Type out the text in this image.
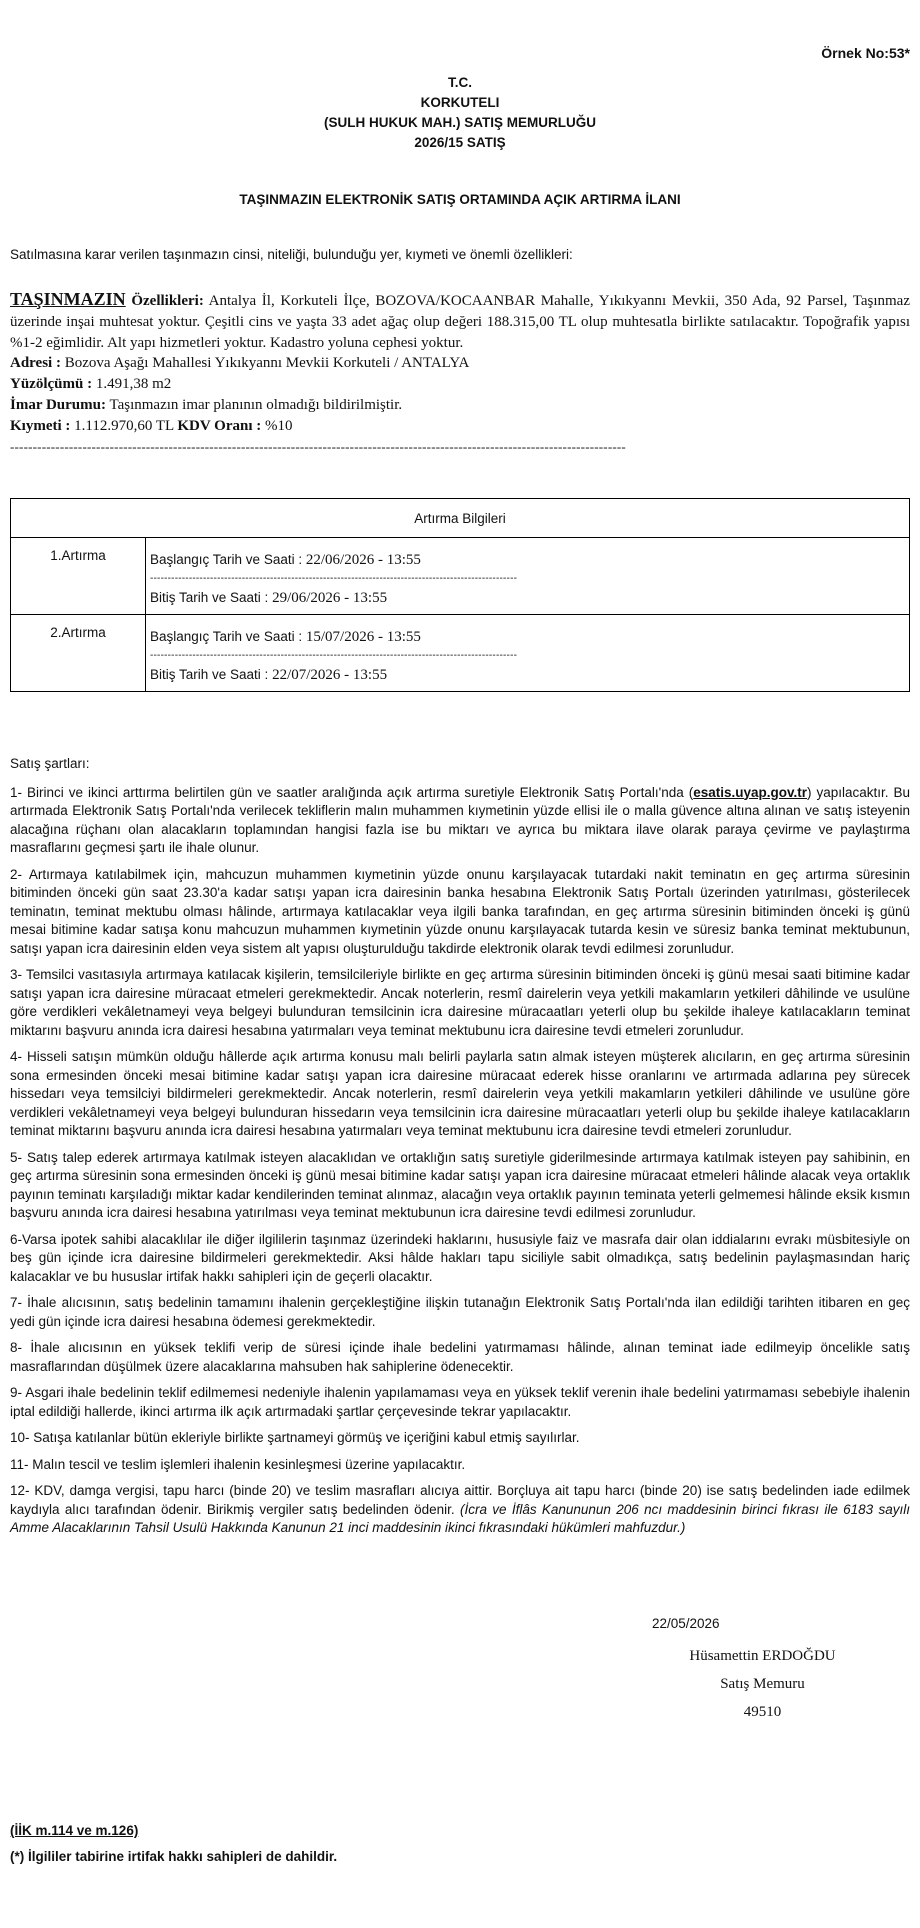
Örnek No:53*
T.C.
KORKUTELI
(SULH HUKUK MAH.) SATIŞ MEMURLUĞU
2026/15 SATIŞ
TAŞINMAZIN ELEKTRONİK SATIŞ ORTAMINDA AÇIK ARTIRMA İLANI
Satılmasına karar verilen taşınmazın cinsi, niteliği, bulunduğu yer, kıymeti ve önemli özellikleri:
TAŞINMAZIN Özellikleri: Antalya İl, Korkuteli İlçe, BOZOVA/KOCAANBAR Mahalle, Yıkıkyannı Mevkii, 350 Ada, 92 Parsel, Taşınmaz üzerinde inşai muhtesat yoktur. Çeşitli cins ve yaşta 33 adet ağaç olup değeri 188.315,00 TL olup muhtesatla birlikte satılacaktır. Topoğrafik yapısı %1-2 eğimlidir. Alt yapı hizmetleri yoktur. Kadastro yoluna cephesi yoktur.
Adresi : Bozova Aşağı Mahallesi Yıkıkyannı Mevkii Korkuteli / ANTALYA
Yüzölçümü : 1.491,38 m2
İmar Durumu: Taşınmazın imar planının olmadığı bildirilmiştir.
Kıymeti : 1.112.970,60 TL KDV Oranı : %10
----------------------------------------------------------------------------------------------------------------------------------------
Artırma Bilgileri	
1.Artırma	Başlangıç Tarih ve Saati : 22/06/2026 - 13:55
--------------------------------------------------------------------------------------------------------
Bitiş Tarih ve Saati : 29/06/2026 - 13:55

2.Artırma	Başlangıç Tarih ve Saati : 15/07/2026 - 13:55
--------------------------------------------------------------------------------------------------------
Bitiş Tarih ve Saati : 22/07/2026 - 13:55

Satış şartları:

1- Birinci ve ikinci arttırma belirtilen gün ve saatler aralığında açık artırma suretiyle Elektronik Satış Portalı'nda (esatis.uyap.gov.tr) yapılacaktır. Bu artırmada Elektronik Satış Portalı'nda verilecek tekliflerin malın muhammen kıymetinin yüzde ellisi ile o malla güvence altına alınan ve satış isteyenin alacağına rüçhanı olan alacakların toplamından hangisi fazla ise bu miktarı ve ayrıca bu miktara ilave olarak paraya çevirme ve paylaştırma masraflarını geçmesi şartı ile ihale olunur.

2- Artırmaya katılabilmek için, mahcuzun muhammen kıymetinin yüzde onunu karşılayacak tutardaki nakit teminatın en geç artırma süresinin bitiminden önceki gün saat 23.30'a kadar satışı yapan icra dairesinin banka hesabına Elektronik Satış Portalı üzerinden yatırılması, gösterilecek teminatın, teminat mektubu olması hâlinde, artırmaya katılacaklar veya ilgili banka tarafından, en geç artırma süresinin bitiminden önceki iş günü mesai bitimine kadar satışa konu mahcuzun muhammen kıymetinin yüzde onunu karşılayacak tutarda kesin ve süresiz banka teminat mektubunun, satışı yapan icra dairesinin elden veya sistem alt yapısı oluşturulduğu takdirde elektronik olarak tevdi edilmesi zorunludur.

3- Temsilci vasıtasıyla artırmaya katılacak kişilerin, temsilcileriyle birlikte en geç artırma süresinin bitiminden önceki iş günü mesai saati bitimine kadar satışı yapan icra dairesine müracaat etmeleri gerekmektedir. Ancak noterlerin, resmî dairelerin veya yetkili makamların yetkileri dâhilinde ve usulüne göre verdikleri vekâletnameyi veya belgeyi bulunduran temsilcinin icra dairesine müracaatları yeterli olup bu şekilde ihaleye katılacakların teminat miktarını başvuru anında icra dairesi hesabına yatırmaları veya teminat mektubunu icra dairesine tevdi etmeleri zorunludur.

4- Hisseli satışın mümkün olduğu hâllerde açık artırma konusu malı belirli paylarla satın almak isteyen müşterek alıcıların, en geç artırma süresinin sona ermesinden önceki mesai bitimine kadar satışı yapan icra dairesine müracaat ederek hisse oranlarını ve artırmada adlarına pey sürecek hissedarı veya temsilciyi bildirmeleri gerekmektedir. Ancak noterlerin, resmî dairelerin veya yetkili makamların yetkileri dâhilinde ve usulüne göre verdikleri vekâletnameyi veya belgeyi bulunduran hissedarın veya temsilcinin icra dairesine müracaatları yeterli olup bu şekilde ihaleye katılacakların teminat miktarını başvuru anında icra dairesi hesabına yatırmaları veya teminat mektubunu icra dairesine tevdi etmeleri zorunludur.

5- Satış talep ederek artırmaya katılmak isteyen alacaklıdan ve ortaklığın satış suretiyle giderilmesinde artırmaya katılmak isteyen pay sahibinin, en geç artırma süresinin sona ermesinden önceki iş günü mesai bitimine kadar satışı yapan icra dairesine müracaat etmeleri hâlinde alacak veya ortaklık payının teminatı karşıladığı miktar kadar kendilerinden teminat alınmaz, alacağın veya ortaklık payının teminata yeterli gelmemesi hâlinde eksik kısmın başvuru anında icra dairesi hesabına yatırılması veya teminat mektubunun icra dairesine tevdi edilmesi zorunludur.

6-Varsa ipotek sahibi alacaklılar ile diğer ilgililerin taşınmaz üzerindeki haklarını, hususiyle faiz ve masrafa dair olan iddialarını evrakı müsbitesiyle on beş gün içinde icra dairesine bildirmeleri gerekmektedir. Aksi hâlde hakları tapu siciliyle sabit olmadıkça, satış bedelinin paylaşmasından hariç kalacaklar ve bu hususlar irtifak hakkı sahipleri için de geçerli olacaktır.

7- İhale alıcısının, satış bedelinin tamamını ihalenin gerçekleştiğine ilişkin tutanağın Elektronik Satış Portalı'nda ilan edildiği tarihten itibaren en geç yedi gün içinde icra dairesi hesabına ödemesi gerekmektedir.

8- İhale alıcısının en yüksek teklifi verip de süresi içinde ihale bedelini yatırmaması hâlinde, alınan teminat iade edilmeyip öncelikle satış masraflarından düşülmek üzere alacaklarına mahsuben hak sahiplerine ödenecektir.

9- Asgari ihale bedelinin teklif edilmemesi nedeniyle ihalenin yapılamaması veya en yüksek teklif verenin ihale bedelini yatırmaması sebebiyle ihalenin iptal edildiği hallerde, ikinci artırma ilk açık artırmadaki şartlar çerçevesinde tekrar yapılacaktır.

10- Satışa katılanlar bütün ekleriyle birlikte şartnameyi görmüş ve içeriğini kabul etmiş sayılırlar.

11- Malın tescil ve teslim işlemleri ihalenin kesinleşmesi üzerine yapılacaktır.

12- KDV, damga vergisi, tapu harcı (binde 20) ve teslim masrafları alıcıya aittir. Borçluya ait tapu harcı (binde 20) ise satış bedelinden iade edilmek kaydıyla alıcı tarafından ödenir. Birikmiş vergiler satış bedelinden ödenir. (İcra ve İflâs Kanununun 206 ncı maddesinin birinci fıkrası ile 6183 sayılı Amme Alacaklarının Tahsil Usulü Hakkında Kanunun 21 inci maddesinin ikinci fıkrasındaki hükümleri mahfuzdur.)

22/05/2026
Hüsamettin ERDOĞDU
Satış Memuru
49510
(İİK m.114 ve m.126)
(*) İlgililer tabirine irtifak hakkı sahipleri de dahildir.
